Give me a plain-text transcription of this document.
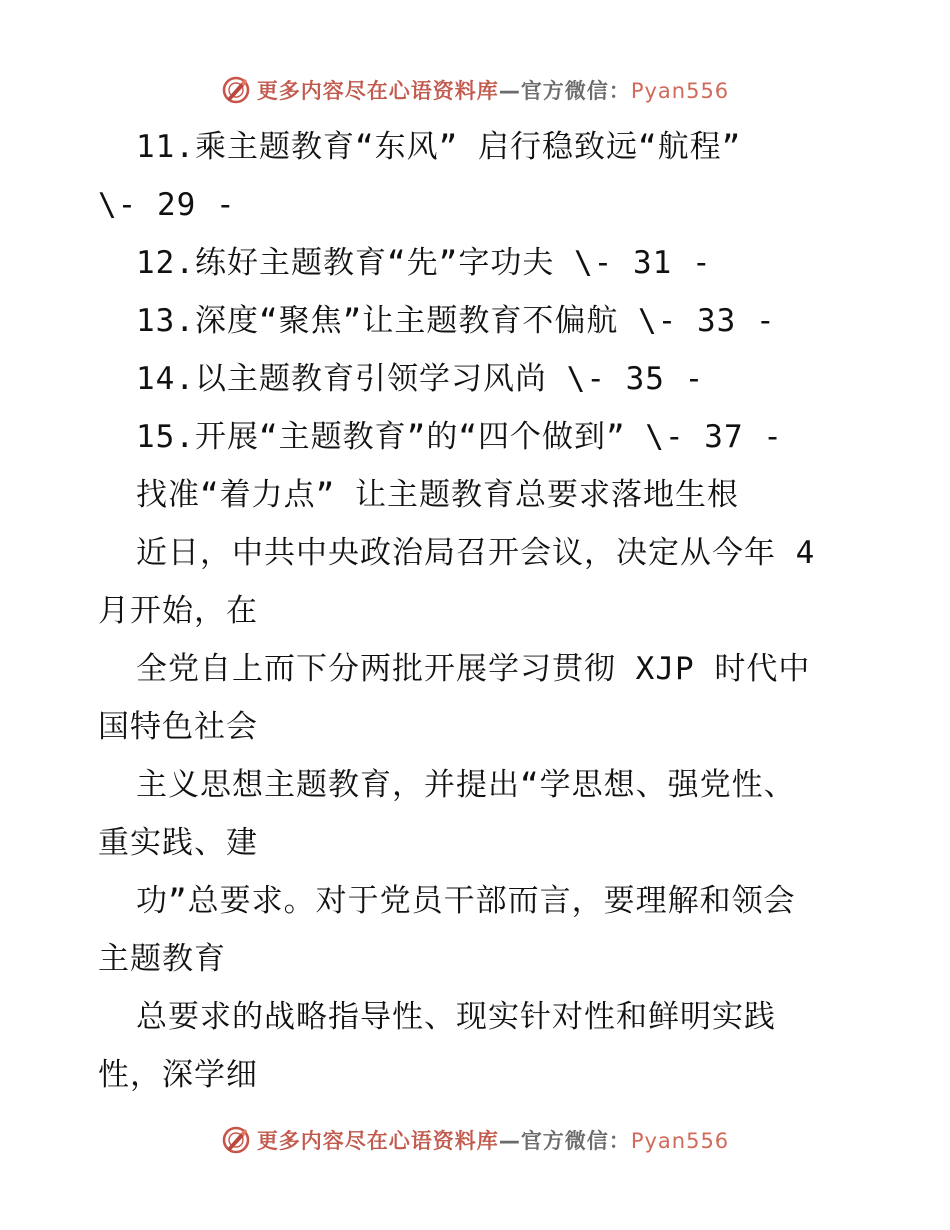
更多内容尽在心语资料库—官方微信：Pyan556
11.乘主题教育“东风” 启行稳致远“航程”
\- 29 -
12.练好主题教育“先”字功夫 \- 31 -
13.深度“聚焦”让主题教育不偏航 \- 33 -
14.以主题教育引领学习风尚 \- 35 -
15.开展“主题教育”的“四个做到” \- 37 -
找准“着力点” 让主题教育总要求落地生根
近日，中共中央政治局召开会议，决定从今年 4
月开始，在
全党自上而下分两批开展学习贯彻 XJP 时代中
国特色社会
主义思想主题教育，并提出“学思想、强党性、
重实践、建
功”总要求。对于党员干部而言，要理解和领会
主题教育
总要求的战略指导性、现实针对性和鲜明实践
性，深学细
更多内容尽在心语资料库—官方微信：Pyan556
